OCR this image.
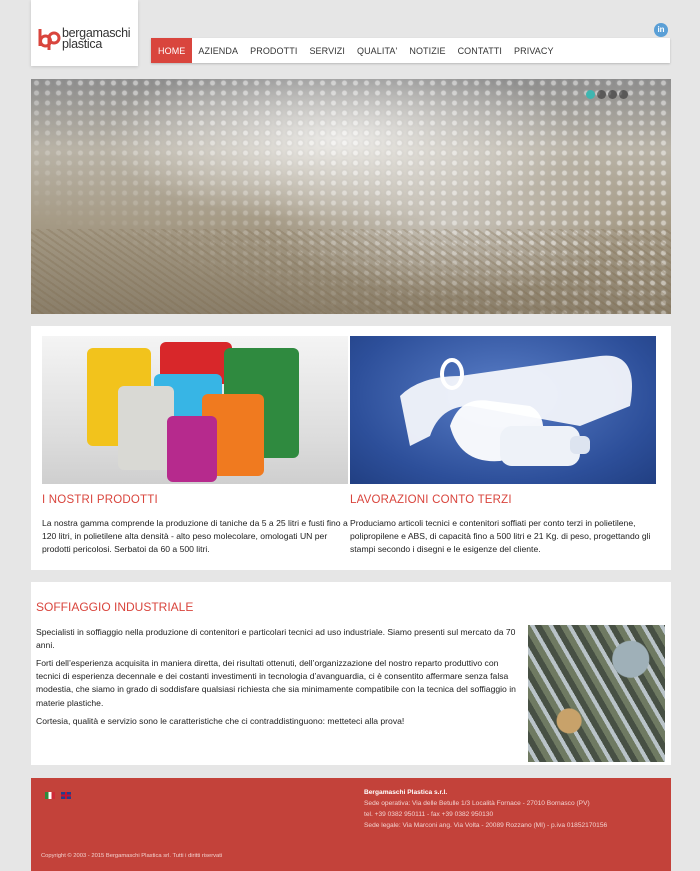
bergamaschi
plastica
in
HOME	AZIENDA	PRODOTTI	SERVIZI	QUALITA'	NOTIZIE	CONTATTI	PRIVACY
I NOSTRI PRODOTTI
La nostra gamma comprende la produzione di taniche da 5 a 25 litri e fusti fino a 120 litri, in polietilene alta densità - alto peso molecolare, omologati UN per prodotti pericolosi. Serbatoi da 60 a 500 litri.
LAVORAZIONI CONTO TERZI
Produciamo articoli tecnici e contenitori soffiati per conto terzi in polietilene, polipropilene e ABS, di capacità fino a 500 litri e 21 Kg. di peso, progettando gli stampi secondo i disegni e le esigenze del cliente.
SOFFIAGGIO INDUSTRIALE
Specialisti in soffiaggio nella produzione di contenitori e particolari tecnici ad uso industriale. Siamo presenti sul mercato da 70 anni.
Forti dell’esperienza acquisita in maniera diretta, dei risultati ottenuti, dell’organizzazione del nostro reparto produttivo con tecnici di esperienza decennale e dei costanti investimenti in tecnologia d’avanguardia, ci è consentito affermare senza falsa modestia, che siamo in grado di soddisfare qualsiasi richiesta che sia minimamente compatibile con la tecnica del soffiaggio in materie plastiche.
Cortesia, qualità e servizio sono le caratteristiche che ci contraddistinguono: metteteci alla prova!
Bergamaschi Plastica s.r.l.
Sede operativa: Via delle Betulle 1/3 Località Fornace - 27010 Bornasco (PV)
tel. +39 0382 950111 - fax +39 0382 950130
Sede legale: Via Marconi ang. Via Volta - 20089 Rozzano (MI) - p.iva 01852170156
Copyright © 2003 - 2015 Bergamaschi Plastica srl. Tutti i diritti riservati
